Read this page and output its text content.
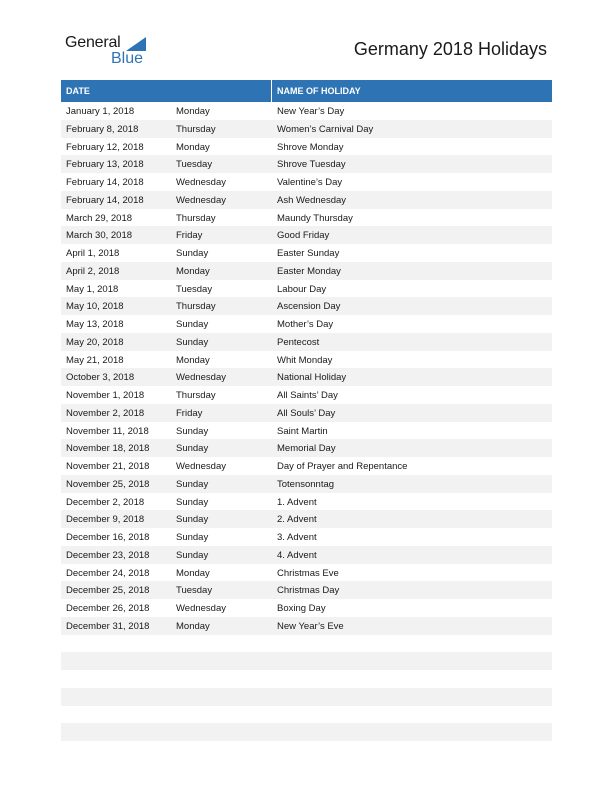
General
Blue	Germany 2018 Holidays
DATE	NAME OF HOLIDAY
January 1, 2018	Monday	New Year’s Day
February 8, 2018	Thursday	Women’s Carnival Day
February 12, 2018	Monday	Shrove Monday
February 13, 2018	Tuesday	Shrove Tuesday
February 14, 2018	Wednesday	Valentine’s Day
February 14, 2018	Wednesday	Ash Wednesday
March 29, 2018	Thursday	Maundy Thursday
March 30, 2018	Friday	Good Friday
April 1, 2018	Sunday	Easter Sunday
April 2, 2018	Monday	Easter Monday
May 1, 2018	Tuesday	Labour Day
May 10, 2018	Thursday	Ascension Day
May 13, 2018	Sunday	Mother’s Day
May 20, 2018	Sunday	Pentecost
May 21, 2018	Monday	Whit Monday
October 3, 2018	Wednesday	National Holiday
November 1, 2018	Thursday	All Saints’ Day
November 2, 2018	Friday	All Souls’ Day
November 11, 2018	Sunday	Saint Martin
November 18, 2018	Sunday	Memorial Day
November 21, 2018	Wednesday	Day of Prayer and Repentance
November 25, 2018	Sunday	Totensonntag
December 2, 2018	Sunday	1. Advent
December 9, 2018	Sunday	2. Advent
December 16, 2018	Sunday	3. Advent
December 23, 2018	Sunday	4. Advent
December 24, 2018	Monday	Christmas Eve
December 25, 2018	Tuesday	Christmas Day
December 26, 2018	Wednesday	Boxing Day
December 31, 2018	Monday	New Year’s Eve
